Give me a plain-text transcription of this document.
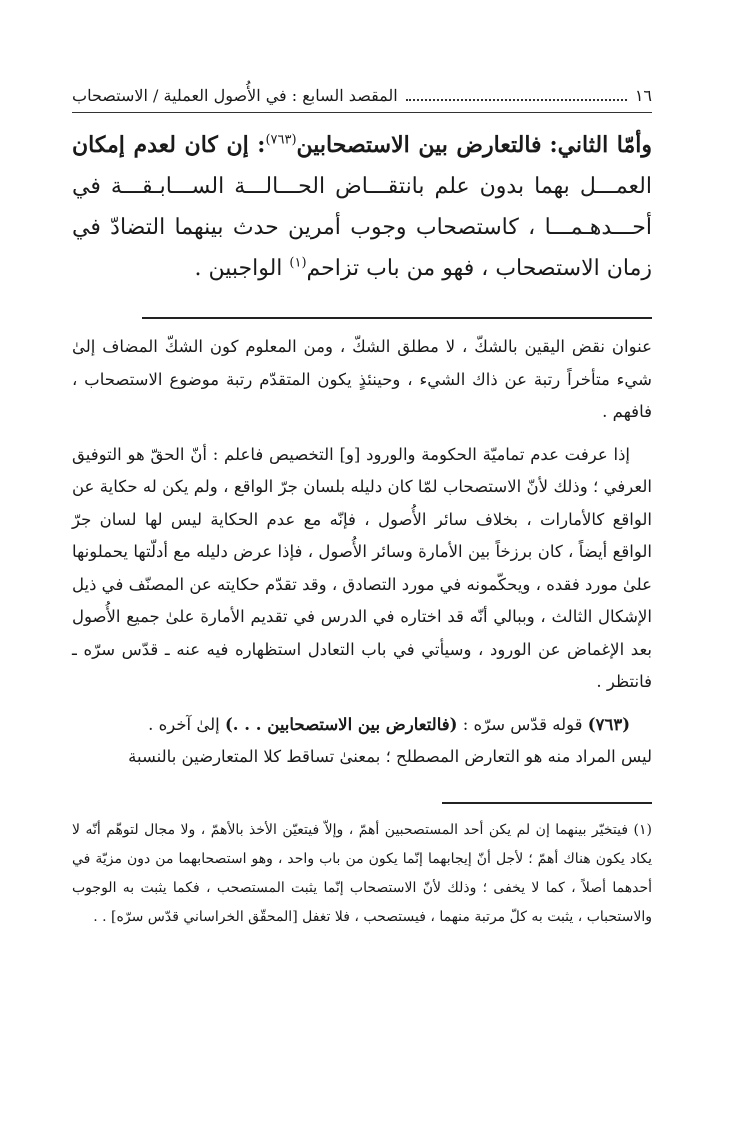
١٦
المقصد السابع : في الأُصول العملية / الاستصحاب
وأمّا الثاني: فالتعارض بين الاستصحابين$^{(٧٦٣)}$: إن كان لعدم إمكان العمـــل بهما بدون علم بانتقـــاض الحـــالـــة الســـابـقـــة في أحـــدهـمـــا ، كاستصحاب وجوب أمرين حدث بينهما التضادّ في زمان الاستصحاب ، فهو من باب تزاحم$^{(١)}$ الواجبين .

عنوان نقض اليقين بالشكّ ، لا مطلق الشكّ ، ومن المعلوم كون الشكّ المضاف إلىٰ شيء متأخراً رتبة عن ذاك الشيء ، وحينئذٍ يكون المتقدّم رتبة موضوع الاستصحاب ، فافهم .

إذا عرفت عدم تماميّة الحكومة والورود [و] التخصيص فاعلم : أنّ الحقّ هو التوفيق العرفي ؛ وذلك لأنّ الاستصحاب لمّا كان دليله بلسان جرّ الواقع ، ولم يكن له حكاية عن الواقع كالأمارات ، بخلاف سائر الأُصول ، فإنّه مع عدم الحكاية ليس لها لسان جرّ الواقع أيضاً ، كان برزخاً بين الأمارة وسائر الأُصول ، فإذا عرض دليله مع أدلّتها يحملونها علىٰ مورد فقده ، ويحكّمونه في مورد التصادق ، وقد تقدّم حكايته عن المصنّف في ذيل الإشكال الثالث ، وببالي أنّه قد اختاره في الدرس في تقديم الأمارة علىٰ جميع الأُصول بعد الإغماض عن الورود ، وسيأتي في باب التعادل استظهاره فيه عنه ـ قدّس سرّه ـ فانتظر .

(٧٦٣) قوله قدّس سرّه : (فالتعارض بين الاستصحابين . . .) إلىٰ آخره .

ليس المراد منه هو التعارض المصطلح ؛ بمعنىٰ تساقط كلا المتعارضين بالنسبة

(١) فيتخيّر بينهما إن لم يكن أحد المستصحبين أهمّ ، وإلاّ فيتعيّن الأخذ بالأهمّ ، ولا مجال لتوهّم أنّه لا يكاد يكون هناك أهمّ ؛ لأجل أنّ إيجابهما إنّما يكون من باب واحد ، وهو استصحابهما من دون مزيّة في أحدهما أصلاً ، كما لا يخفى ؛ وذلك لأنّ الاستصحاب إنّما يثبت المستصحب ، فكما يثبت به الوجوب والاستحباب ، يثبت به كلّ مرتبة منهما ، فيستصحب ، فلا تغفل [المحقّق الخراساني قدّس سرّه] . .
